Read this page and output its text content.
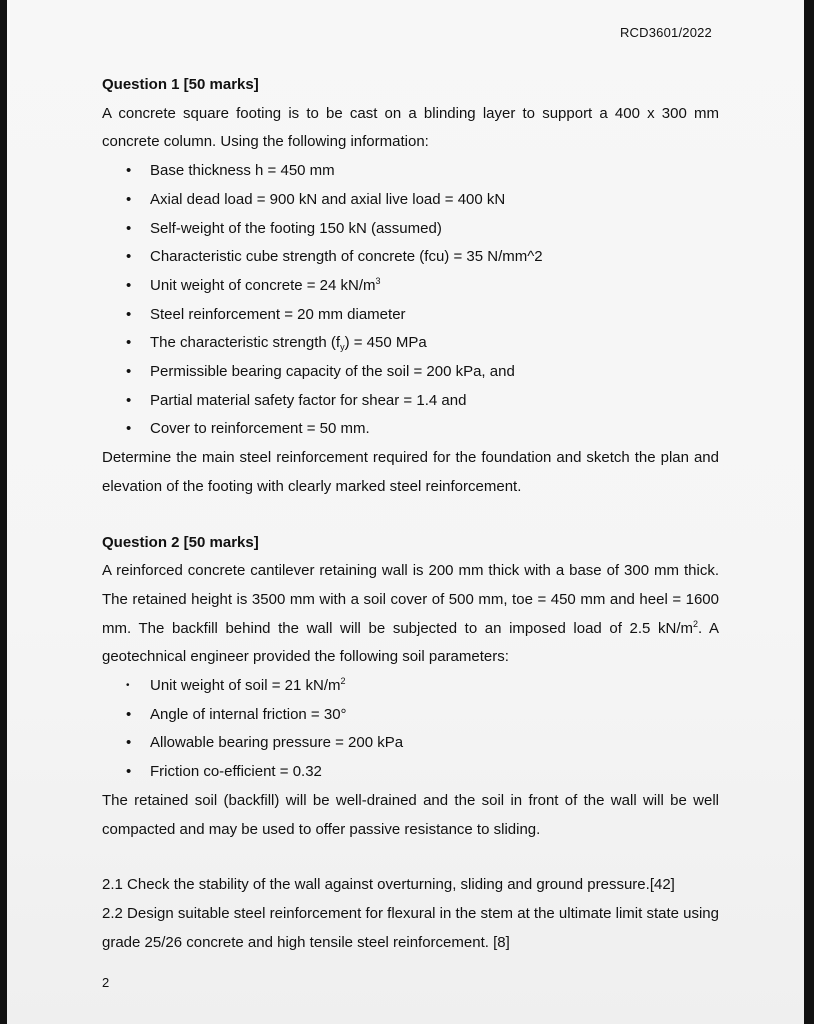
RCD3601/2022

Question 1 [50 marks]

A concrete square footing is to be cast on a blinding layer to support a 400 x 300 mm concrete column. Using the following information:

• Base thickness h = 450 mm
• Axial dead load = 900 kN and axial live load = 400 kN
• Self-weight of the footing 150 kN (assumed)
• Characteristic cube strength of concrete (fcu) = 35 N/mm^2
• Unit weight of concrete = 24 $kN/m^3$
• Steel reinforcement = 20 mm diameter
• The characteristic strength $(f_y) = 450$ MPa
• Permissible bearing capacity of the soil = 200 kPa, and
• Partial material safety factor for shear = 1.4 and
• Cover to reinforcement = 50 mm.

Determine the main steel reinforcement required for the foundation and sketch the plan and elevation of the footing with clearly marked steel reinforcement.

Question 2 [50 marks]

A reinforced concrete cantilever retaining wall is 200 mm thick with a base of 300 mm thick. The retained height is 3500 mm with a soil cover of 500 mm, toe = 450 mm and heel = 1600 mm. The backfill behind the wall will be subjected to an imposed load of 2.5 $kN/m^2$. A geotechnical engineer provided the following soil parameters:

• Unit weight of soil = 21 $kN/m^2$
• Angle of internal friction = 30°
• Allowable bearing pressure = 200 kPa
• Friction co-efficient = 0.32

The retained soil (backfill) will be well-drained and the soil in front of the wall will be well compacted and may be used to offer passive resistance to sliding.

2.1 Check the stability of the wall against overturning, sliding and ground pressure.[42]

2.2 Design suitable steel reinforcement for flexural in the stem at the ultimate limit state using grade 25/26 concrete and high tensile steel reinforcement. [8]

2
